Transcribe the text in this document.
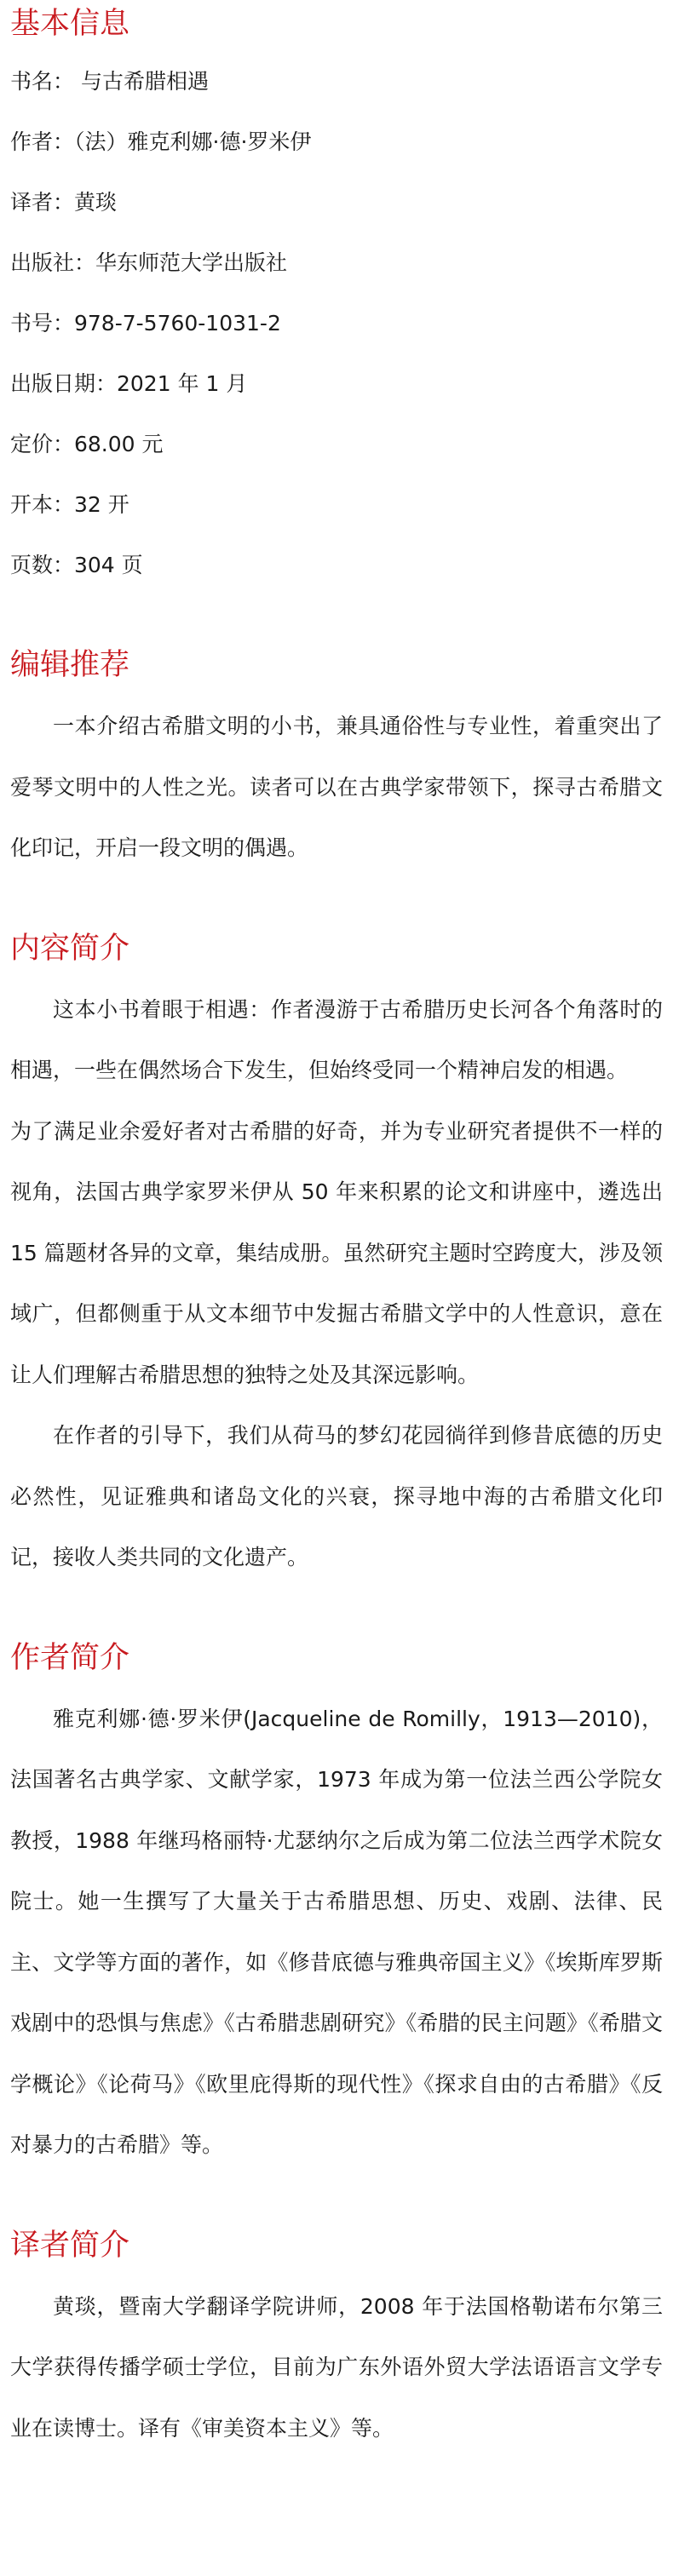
基本信息
书名： 与古希腊相遇
作者：（法）雅克利娜·德·罗米伊
译者：黄琰
出版社：华东师范大学出版社
书号：978-7-5760-1031-2
出版日期：2021 年 1 月
定价：68.00 元
开本：32 开
页数：304 页
编辑推荐

一本介绍古希腊文明的小书，兼具通俗性与专业性，着重突出了爱琴文明中的人性之光。读者可以在古典学家带领下，探寻古希腊文化印记，开启一段文明的偶遇。

内容简介

这本小书着眼于相遇：作者漫游于古希腊历史长河各个角落时的相遇，一些在偶然场合下发生，但始终受同一个精神启发的相遇。

为了满足业余爱好者对古希腊的好奇，并为专业研究者提供不一样的视角，法国古典学家罗米伊从 50 年来积累的论文和讲座中，遴选出 15 篇题材各异的文章，集结成册。虽然研究主题时空跨度大，涉及领域广，但都侧重于从文本细节中发掘古希腊文学中的人性意识，意在让人们理解古希腊思想的独特之处及其深远影响。

在作者的引导下，我们从荷马的梦幻花园徜徉到修昔底德的历史必然性，见证雅典和诸岛文化的兴衰，探寻地中海的古希腊文化印记，接收人类共同的文化遗产。

作者简介

雅克利娜·德·罗米伊(Jacqueline de Romilly，1913—2010)，法国著名古典学家、文献学家，1973 年成为第一位法兰西公学院女教授，1988 年继玛格丽特·尤瑟纳尔之后成为第二位法兰西学术院女院士。她一生撰写了大量关于古希腊思想、历史、戏剧、法律、民主、文学等方面的著作，如《修昔底德与雅典帝国主义》《埃斯库罗斯戏剧中的恐惧与焦虑》《古希腊悲剧研究》《希腊的民主问题》《希腊文学概论》《论荷马》《欧里庇得斯的现代性》《探求自由的古希腊》《反对暴力的古希腊》等。

译者简介

黄琰，暨南大学翻译学院讲师，2008 年于法国格勒诺布尔第三大学获得传播学硕士学位，目前为广东外语外贸大学法语语言文学专业在读博士。译有《审美资本主义》等。
